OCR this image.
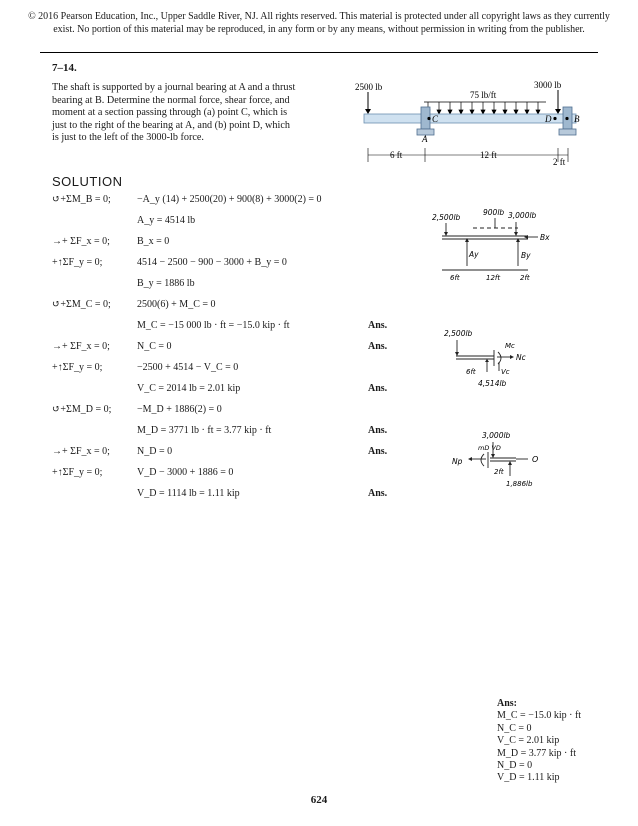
© 2016 Pearson Education, Inc., Upper Saddle River, NJ. All rights reserved. This material is protected under all copyright laws as they currently
exist. No portion of this material may be reproduced, in any form or by any means, without permission in writing from the publisher.
7–14.
The shaft is supported by a journal bearing at A and a thrust
bearing at B. Determine the normal force, shear force, and
moment at a section passing through (a) point C, which is
just to the right of the bearing at A, and (b) point D, which
is just to the left of the 3000-lb force.
2500 lb	3000 lb
75 lb/ft
A
C	B
D
6 ft	12 ft
2 ft
SOLUTION
↺+ΣM_B = 0;	−A_y (14) + 2500(20) + 900(8) + 3000(2) = 0
A_y = 4514 lb
→+ ΣF_x = 0;	B_x = 0
+↑ΣF_y = 0;	4514 − 2500 − 900 − 3000 + B_y = 0
B_y = 1886 lb
↺+ΣM_C = 0;	2500(6) + M_C = 0
M_C = −15 000 lb · ft = −15.0 kip · ft	Ans.
→+ ΣF_x = 0;	N_C = 0	Ans.
+↑ΣF_y = 0;	−2500 + 4514 − V_C = 0
V_C = 2014 lb = 2.01 kip	Ans.
↺+ΣM_D = 0;	−M_D + 1886(2) = 0
M_D = 3771 lb · ft = 3.77 kip · ft	Ans.
→+ ΣF_x = 0;	N_D = 0	Ans.
+↑ΣF_y = 0;	V_D − 3000 + 1886 = 0
V_D = 1114 lb = 1.11 kip	Ans.
2,500lb
900lb 3,000lb
Bx
Ay	By
6ft	12ft	2ft
2,500lb
Mc
Nc
Vc
6ft
4,514lb
3,000lb
mD VD
Np	O
2ft
1,886lb
Ans:
M_C = −15.0 kip · ft
N_C = 0
V_C = 2.01 kip
M_D = 3.77 kip · ft
N_D = 0
V_D = 1.11 kip
624
